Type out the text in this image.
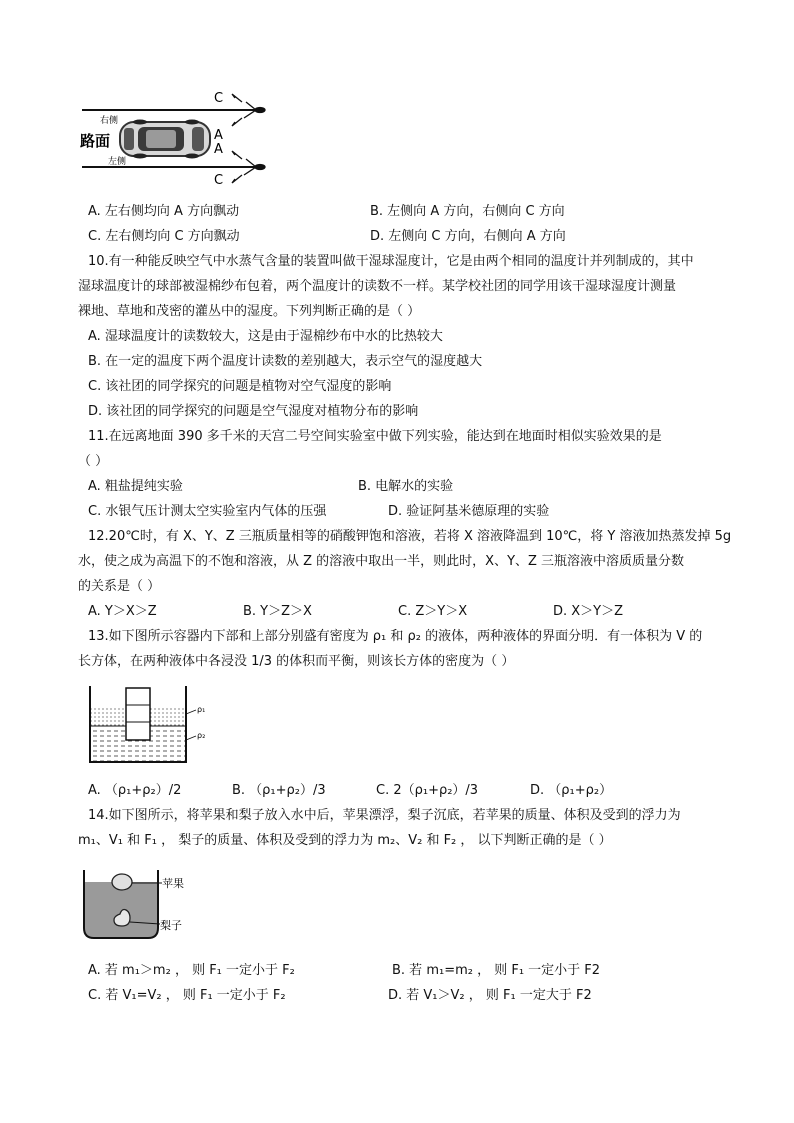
右侧
路面
左侧
A
A
C
C
A. 左右侧均向 A 方向飘动	B. 左侧向 A 方向，右侧向 C 方向
C. 左右侧均向 C 方向飘动	D. 左侧向 C 方向，右侧向 A 方向
10.有一种能反映空气中水蒸气含量的装置叫做干湿球湿度计，它是由两个相同的温度计并列制成的，其中
湿球温度计的球部被湿棉纱布包着，两个温度计的读数不一样。某学校社团的同学用该干湿球湿度计测量
裸地、草地和茂密的灌丛中的湿度。下列判断正确的是（ ）
A. 湿球温度计的读数较大，这是由于湿棉纱布中水的比热较大
B. 在一定的温度下两个温度计读数的差别越大，表示空气的湿度越大
C. 该社团的同学探究的问题是植物对空气湿度的影响
D. 该社团的同学探究的问题是空气湿度对植物分布的影响
11.在远离地面 390 多千米的天宫二号空间实验室中做下列实验，能达到在地面时相似实验效果的是
（ ）
A. 粗盐提纯实验	B. 电解水的实验
C. 水银气压计测太空实验室内气体的压强	D. 验证阿基米德原理的实验
12.20℃时，有 X、Y、Z 三瓶质量相等的硝酸钾饱和溶液，若将 X 溶液降温到 10℃，将 Y 溶液加热蒸发掉 5g
水，使之成为高温下的不饱和溶液，从 Z 的溶液中取出一半，则此时，X、Y、Z 三瓶溶液中溶质质量分数
的关系是（ ）
A. Y＞X＞Z	B. Y＞Z＞X	C. Z＞Y＞X	D. X＞Y＞Z
13.如下图所示容器内下部和上部分别盛有密度为 ρ₁ 和 ρ₂ 的液体，两种液体的界面分明．有一体积为 V 的
长方体，在两种液体中各浸没 1/3 的体积而平衡，则该长方体的密度为（ ）
ρ₁
ρ₂
A. （ρ₁+ρ₂）/2	B. （ρ₁+ρ₂）/3	C. 2（ρ₁+ρ₂）/3	D. （ρ₁+ρ₂）
14.如下图所示，将苹果和梨子放入水中后，苹果漂浮，梨子沉底，若苹果的质量、体积及受到的浮力为
m₁、V₁ 和 F₁ ， 梨子的质量、体积及受到的浮力为 m₂、V₂ 和 F₂ ， 以下判断正确的是（ ）
苹果
梨子
A. 若 m₁＞m₂ ， 则 F₁ 一定小于 F₂	B. 若 m₁=m₂ ， 则 F₁ 一定小于 F2
C. 若 V₁=V₂ ， 则 F₁ 一定小于 F₂	D. 若 V₁＞V₂ ， 则 F₁ 一定大于 F2
